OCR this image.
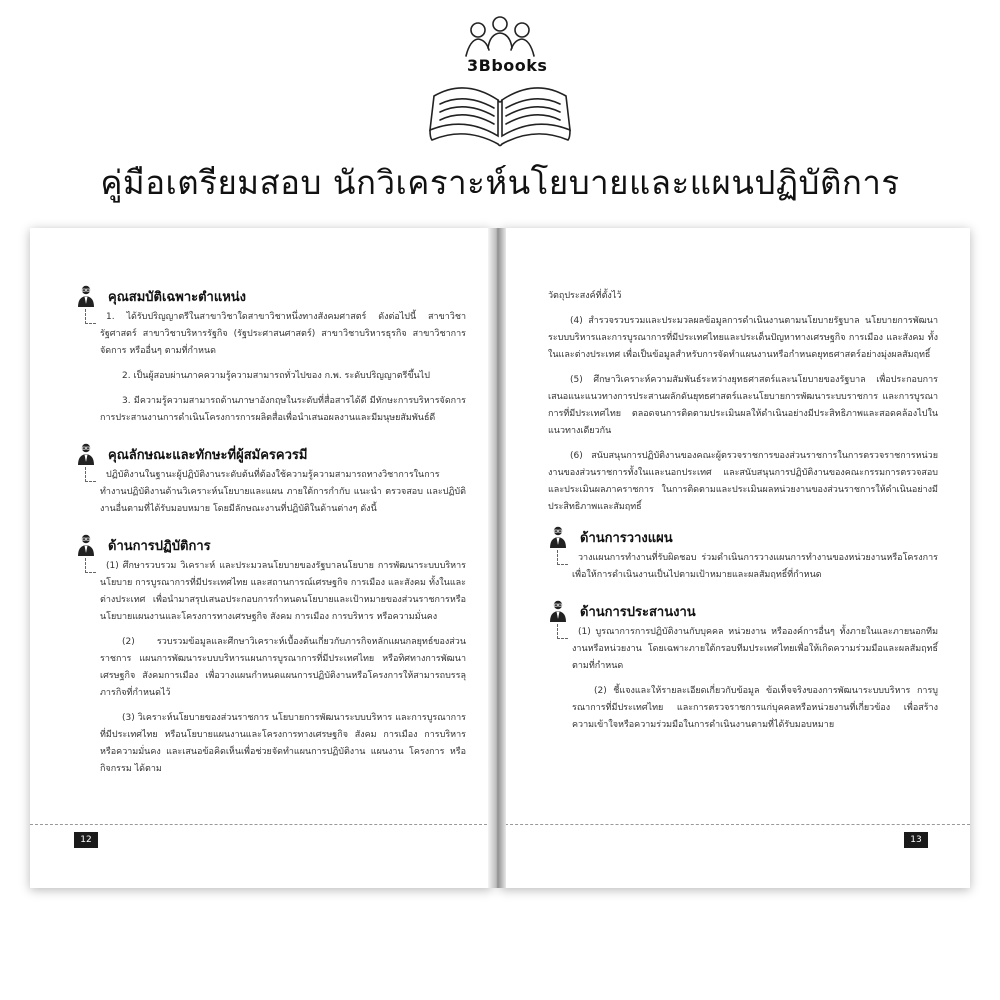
3Bbooks
คู่มือเตรียมสอบ นักวิเคราะห์นโยบายและแผนปฏิบัติการ
คุณสมบัติเฉพาะตำแหน่ง

1. ได้รับปริญญาตรีในสาขาวิชาใดสาขาวิชาหนึ่งทางสังคมศาสตร์ ดังต่อไปนี้ สาขาวิชารัฐศาสตร์ สาขาวิชาบริหารรัฐกิจ (รัฐประศาสนศาสตร์) สาขาวิชาบริหารธุรกิจ สาขาวิชาการจัดการ หรืออื่นๆ ตามที่กำหนด

2. เป็นผู้สอบผ่านภาคความรู้ความสามารถทั่วไปของ ก.พ. ระดับปริญญาตรีขึ้นไป

3. มีความรู้ความสามารถด้านภาษาอังกฤษในระดับที่สื่อสารได้ดี มีทักษะการบริหารจัดการ การประสานงานการดำเนินโครงการการผลิตสื่อเพื่อนำเสนอผลงานและมีมนุษยสัมพันธ์ดี

คุณลักษณะและทักษะที่ผู้สมัครควรมี

ปฏิบัติงานในฐานะผู้ปฏิบัติงานระดับต้นที่ต้องใช้ความรู้ความสามารถทางวิชาการในการทำงานปฏิบัติงานด้านวิเคราะห์นโยบายและแผน ภายใต้การกำกับ แนะนำ ตรวจสอบ และปฏิบัติงานอื่นตามที่ได้รับมอบหมาย โดยมีลักษณะงานที่ปฏิบัติในด้านต่างๆ ดังนี้

ด้านการปฏิบัติการ

(1) ศึกษารวบรวม วิเคราะห์ และประมวลนโยบายของรัฐบาลนโยบาย การพัฒนาระบบบริหารนโยบาย การบูรณาการที่มีประเทศไทย และสถานการณ์เศรษฐกิจ การเมือง และสังคม ทั้งในและต่างประเทศ เพื่อนำมาสรุปเสนอประกอบการกำหนดนโยบายและเป้าหมายของส่วนราชการหรือนโยบายแผนงานและโครงการทางเศรษฐกิจ สังคม การเมือง การบริหาร หรือความมั่นคง

(2) รวบรวมข้อมูลและศึกษาวิเคราะห์เบื้องต้นเกี่ยวกับภารกิจหลักแผนกลยุทธ์ของส่วนราชการ แผนการพัฒนาระบบบริหารแผนการบูรณาการที่มีประเทศไทย หรือทิศทางการพัฒนาเศรษฐกิจ สังคมการเมือง เพื่อวางแผนกำหนดแผนการปฏิบัติงานหรือโครงการให้สามารถบรรลุภารกิจที่กำหนดไว้

(3) วิเคราะห์นโยบายของส่วนราชการ นโยบายการพัฒนาระบบบริหาร และการบูรณาการที่มีประเทศไทย หรือนโยบายแผนงานและโครงการทางเศรษฐกิจ สังคม การเมือง การบริหาร หรือความมั่นคง และเสนอข้อคิดเห็นเพื่อช่วยจัดทำแผนการปฏิบัติงาน แผนงาน โครงการ หรือกิจกรรม ได้ตาม

12

วัตถุประสงค์ที่ตั้งไว้

(4) สำรวจรวบรวมและประมวลผลข้อมูลการดำเนินงานตามนโยบายรัฐบาล นโยบายการพัฒนาระบบบริหารและการบูรณาการที่มีประเทศไทยและประเด็นปัญหาทางเศรษฐกิจ การเมือง และสังคม ทั้งในและต่างประเทศ เพื่อเป็นข้อมูลสำหรับการจัดทำแผนงานหรือกำหนดยุทธศาสตร์อย่างมุ่งผลสัมฤทธิ์

(5) ศึกษาวิเคราะห์ความสัมพันธ์ระหว่างยุทธศาสตร์และนโยบายของรัฐบาล เพื่อประกอบการเสนอแนะแนวทางการประสานผลักดันยุทธศาสตร์และนโยบายการพัฒนาระบบราชการ และการบูรณาการที่มีประเทศไทย ตลอดจนการติดตามประเมินผลให้ดำเนินอย่างมีประสิทธิภาพและสอดคล้องไปในแนวทางเดียวกัน

(6) สนับสนุนการปฏิบัติงานของคณะผู้ตรวจราชการของส่วนราชการในการตรวจราชการหน่วยงานของส่วนราชการทั้งในและนอกประเทศ และสนับสนุนการปฏิบัติงานของคณะกรรมการตรวจสอบและประเมินผลภาคราชการ ในการติดตามและประเมินผลหน่วยงานของส่วนราชการให้ดำเนินอย่างมีประสิทธิภาพและสัมฤทธิ์

ด้านการวางแผน

วางแผนการทำงานที่รับผิดชอบ ร่วมดำเนินการวางแผนการทำงานของหน่วยงานหรือโครงการเพื่อให้การดำเนินงานเป็นไปตามเป้าหมายและผลสัมฤทธิ์ที่กำหนด

ด้านการประสานงาน

(1) บูรณาการการปฏิบัติงานกับบุคคล หน่วยงาน หรือองค์การอื่นๆ ทั้งภายในและภายนอกทีมงานหรือหน่วยงาน โดยเฉพาะภายใต้กรอบทีมประเทศไทยเพื่อให้เกิดความร่วมมือและผลสัมฤทธิ์ตามที่กำหนด

(2) ชี้แจงและให้รายละเอียดเกี่ยวกับข้อมูล ข้อเท็จจริงของการพัฒนาระบบบริหาร การบูรณาการที่มีประเทศไทย และการตรวจราชการแก่บุคคลหรือหน่วยงานที่เกี่ยวข้อง เพื่อสร้างความเข้าใจหรือความร่วมมือในการดำเนินงานตามที่ได้รับมอบหมาย

13
